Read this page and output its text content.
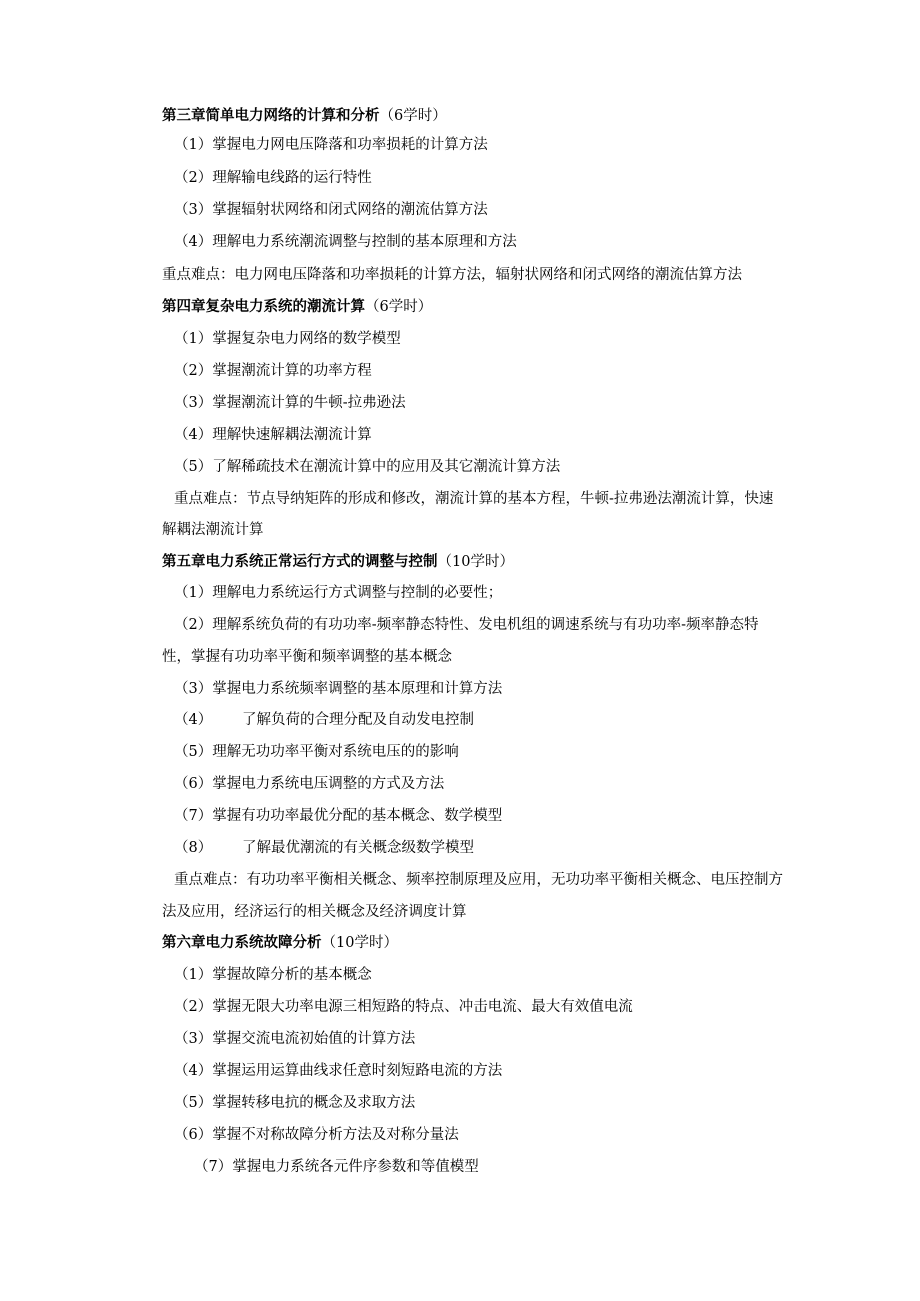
第三章简单电力网络的计算和分析（6学时）
（1）掌握电力网电压降落和功率损耗的计算方法
（2）理解输电线路的运行特性
（3）掌握辐射状网络和闭式网络的潮流估算方法
（4）理解电力系统潮流调整与控制的基本原理和方法
重点难点：电力网电压降落和功率损耗的计算方法，辐射状网络和闭式网络的潮流估算方法
第四章复杂电力系统的潮流计算（6学时）
（1）掌握复杂电力网络的数学模型
（2）掌握潮流计算的功率方程
（3）掌握潮流计算的牛顿-拉弗逊法
（4）理解快速解耦法潮流计算
（5）了解稀疏技术在潮流计算中的应用及其它潮流计算方法
重点难点：节点导纳矩阵的形成和修改，潮流计算的基本方程，牛顿-拉弗逊法潮流计算，快速
解耦法潮流计算
第五章电力系统正常运行方式的调整与控制（10学时）
（1）理解电力系统运行方式调整与控制的必要性；
（2）理解系统负荷的有功功率-频率静态特性、发电机组的调速系统与有功功率-频率静态特
性，掌握有功功率平衡和频率调整的基本概念
（3）掌握电力系统频率调整的基本原理和计算方法
（4） 了解负荷的合理分配及自动发电控制
（5）理解无功功率平衡对系统电压的的影响
（6）掌握电力系统电压调整的方式及方法
（7）掌握有功功率最优分配的基本概念、数学模型
（8） 了解最优潮流的有关概念级数学模型
重点难点：有功功率平衡相关概念、频率控制原理及应用，无功功率平衡相关概念、电压控制方
法及应用，经济运行的相关概念及经济调度计算
第六章电力系统故障分析（10学时）
（1）掌握故障分析的基本概念
（2）掌握无限大功率电源三相短路的特点、冲击电流、最大有效值电流
（3）掌握交流电流初始值的计算方法
（4）掌握运用运算曲线求任意时刻短路电流的方法
（5）掌握转移电抗的概念及求取方法
（6）掌握不对称故障分析方法及对称分量法
（7）掌握电力系统各元件序参数和等值模型
